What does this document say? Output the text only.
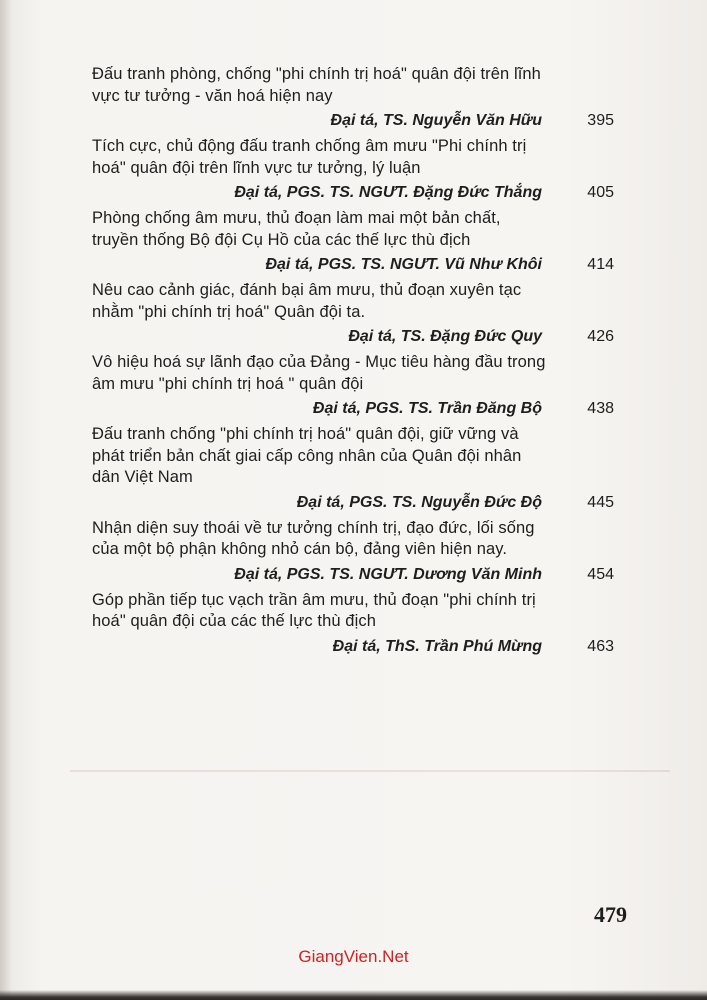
Đấu tranh phòng, chống "phi chính trị hoá" quân đội trên lĩnh
vực tư tưởng - văn hoá hiện nay

Đại tá, TS. Nguyễn Văn Hữu	395

Tích cực, chủ động đấu tranh chống âm mưu "Phi chính trị
hoá" quân đội trên lĩnh vực tư tưởng, lý luận

Đại tá, PGS. TS. NGƯT. Đặng Đức Thắng	405

Phòng chống âm mưu, thủ đoạn làm mai một bản chất,
truyền thống Bộ đội Cụ Hồ của các thế lực thù địch

Đại tá, PGS. TS. NGƯT. Vũ Như Khôi	414

Nêu cao cảnh giác, đánh bại âm mưu, thủ đoạn xuyên tạc
nhằm "phi chính trị hoá" Quân đội ta.

Đại tá, TS. Đặng Đức Quy	426

Vô hiệu hoá sự lãnh đạo của Đảng - Mục tiêu hàng đầu trong
âm mưu "phi chính trị hoá " quân đội

Đại tá, PGS. TS. Trần Đăng Bộ	438

Đấu tranh chống "phi chính trị hoá" quân đội, giữ vững và
phát triển bản chất giai cấp công nhân của Quân đội nhân
dân Việt Nam

Đại tá, PGS. TS. Nguyễn Đức Độ	445

Nhận diện suy thoái về tư tưởng chính trị, đạo đức, lối sống
của một bộ phận không nhỏ cán bộ, đảng viên hiện nay.

Đại tá, PGS. TS. NGƯT. Dương Văn Minh	454

Góp phần tiếp tục vạch trần âm mưu, thủ đoạn "phi chính trị
hoá" quân đội của các thế lực thù địch

Đại tá, ThS. Trần Phú Mừng	463
479
GiangVien.Net
